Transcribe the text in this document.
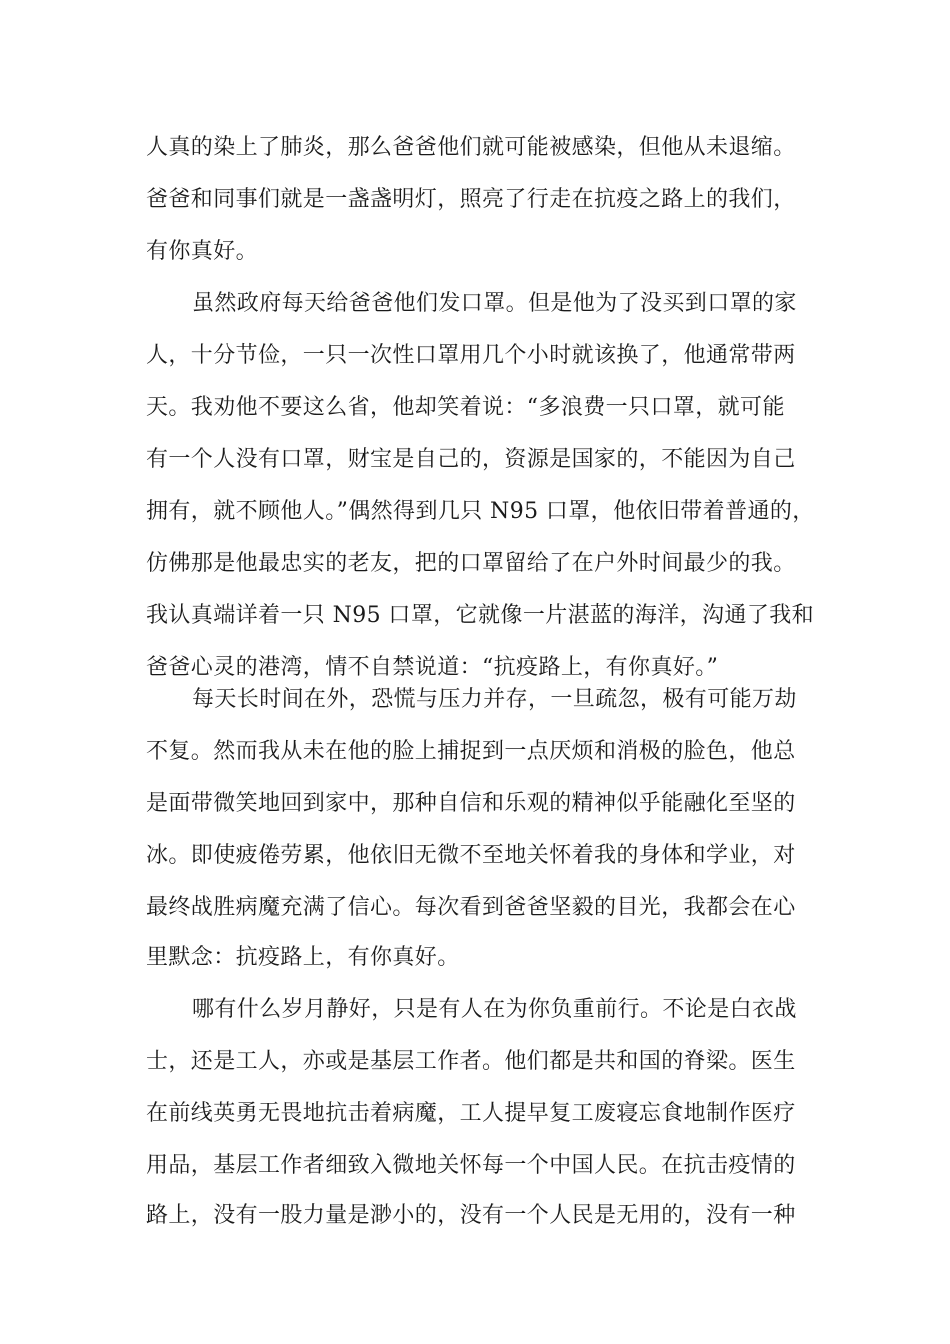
人真的染上了肺炎，那么爸爸他们就可能被感染，但他从未退缩。
爸爸和同事们就是一盏盏明灯，照亮了行走在抗疫之路上的我们，
有你真好。
虽然政府每天给爸爸他们发口罩。但是他为了没买到口罩的家
人，十分节俭，一只一次性口罩用几个小时就该换了，他通常带两
天。我劝他不要这么省，他却笑着说：“多浪费一只口罩，就可能
有一个人没有口罩，财宝是自己的，资源是国家的，不能因为自己
拥有，就不顾他人。”偶然得到几只 N95 口罩，他依旧带着普通的，
仿佛那是他最忠实的老友，把的口罩留给了在户外时间最少的我。
我认真端详着一只 N95 口罩，它就像一片湛蓝的海洋，沟通了我和
爸爸心灵的港湾，情不自禁说道：“抗疫路上，有你真好。”
每天长时间在外，恐慌与压力并存，一旦疏忽，极有可能万劫
不复。然而我从未在他的脸上捕捉到一点厌烦和消极的脸色，他总
是面带微笑地回到家中，那种自信和乐观的精神似乎能融化至坚的
冰。即使疲倦劳累，他依旧无微不至地关怀着我的身体和学业，对
最终战胜病魔充满了信心。每次看到爸爸坚毅的目光，我都会在心
里默念：抗疫路上，有你真好。
哪有什么岁月静好，只是有人在为你负重前行。不论是白衣战
士，还是工人，亦或是基层工作者。他们都是共和国的脊梁。医生
在前线英勇无畏地抗击着病魔，工人提早复工废寝忘食地制作医疗
用品，基层工作者细致入微地关怀每一个中国人民。在抗击疫情的
路上，没有一股力量是渺小的，没有一个人民是无用的，没有一种
